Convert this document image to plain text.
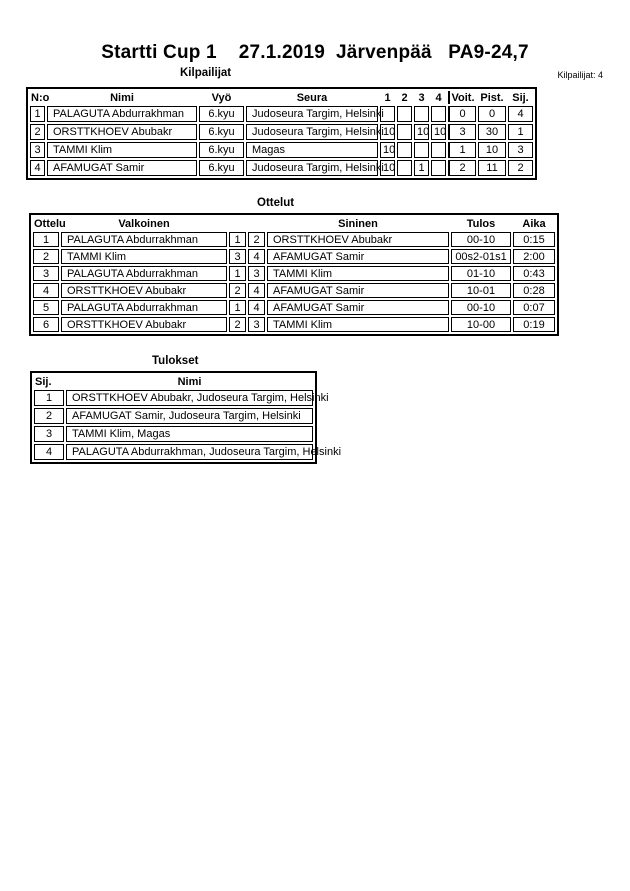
Startti Cup 1    27.1.2019  Järvenpää   PA9-24,7
Kilpailijat	Kilpailijat: 4
N:o	Nimi	Vyö	Seura	1	2	3	4	Voit.	Pist.	Sij.
1	PALAGUTA Abdurrakhman	6.kyu	Judoseura Targim, Helsinki					0	0	4
2	ORSTTKHOEV Abubakr	6.kyu	Judoseura Targim, Helsinki	10		10	10	3	30	1
3	TAMMI Klim	6.kyu	Magas	10				1	10	3
4	AFAMUGAT Samir	6.kyu	Judoseura Targim, Helsinki	10		1		2	11	2
Ottelut
Ottelu	Valkoinen			Sininen	Tulos	Aika
1	PALAGUTA Abdurrakhman	1	2	ORSTTKHOEV Abubakr	00-10	0:15
2	TAMMI Klim	3	4	AFAMUGAT Samir	00s2-01s1	2:00
3	PALAGUTA Abdurrakhman	1	3	TAMMI Klim	01-10	0:43
4	ORSTTKHOEV Abubakr	2	4	AFAMUGAT Samir	10-01	0:28
5	PALAGUTA Abdurrakhman	1	4	AFAMUGAT Samir	00-10	0:07
6	ORSTTKHOEV Abubakr	2	3	TAMMI Klim	10-00	0:19
Tulokset
Sij.	Nimi
1	ORSTTKHOEV Abubakr, Judoseura Targim, Helsinki
2	AFAMUGAT Samir, Judoseura Targim, Helsinki
3	TAMMI Klim, Magas
4	PALAGUTA Abdurrakhman, Judoseura Targim, Helsinki
